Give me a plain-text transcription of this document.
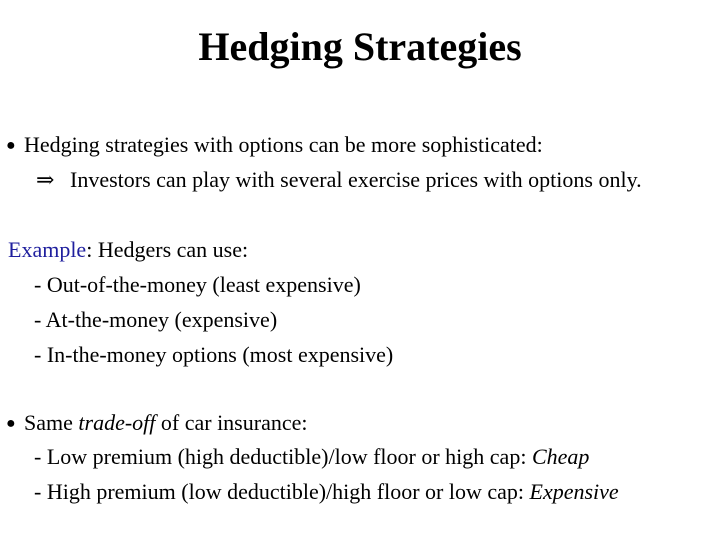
Hedging Strategies
● Hedging strategies with options can be more sophisticated:
⇒ Investors can play with several exercise prices with options only.
Example: Hedgers can use:
- Out-of-the-money (least expensive)
- At-the-money (expensive)
- In-the-money options (most expensive)
● Same trade-off of car insurance:
- Low premium (high deductible)/low floor or high cap: Cheap
- High premium (low deductible)/high floor or low cap: Expensive
